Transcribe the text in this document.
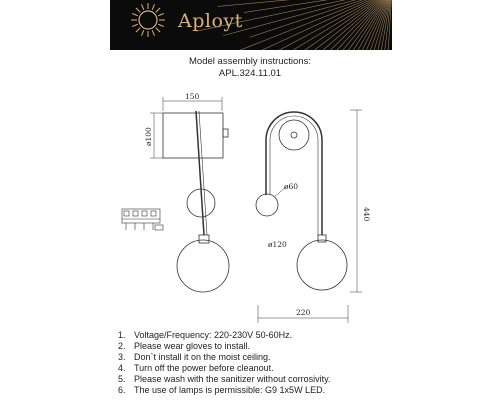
Aployt
Model assembly instructions:
APL.324.11.01
150
ø100
ø60
ø120
440
220
1. Voltage/Frequency: 220-230V 50-60Hz.
2. Please wear gloves to install.
3. Don`t install it on the moist ceiling.
4. Turn off the power before cleanout.
5. Please wash with the sanitizer without corrosivity.
6. The use of lamps is permissible: G9 1x5W LED.
